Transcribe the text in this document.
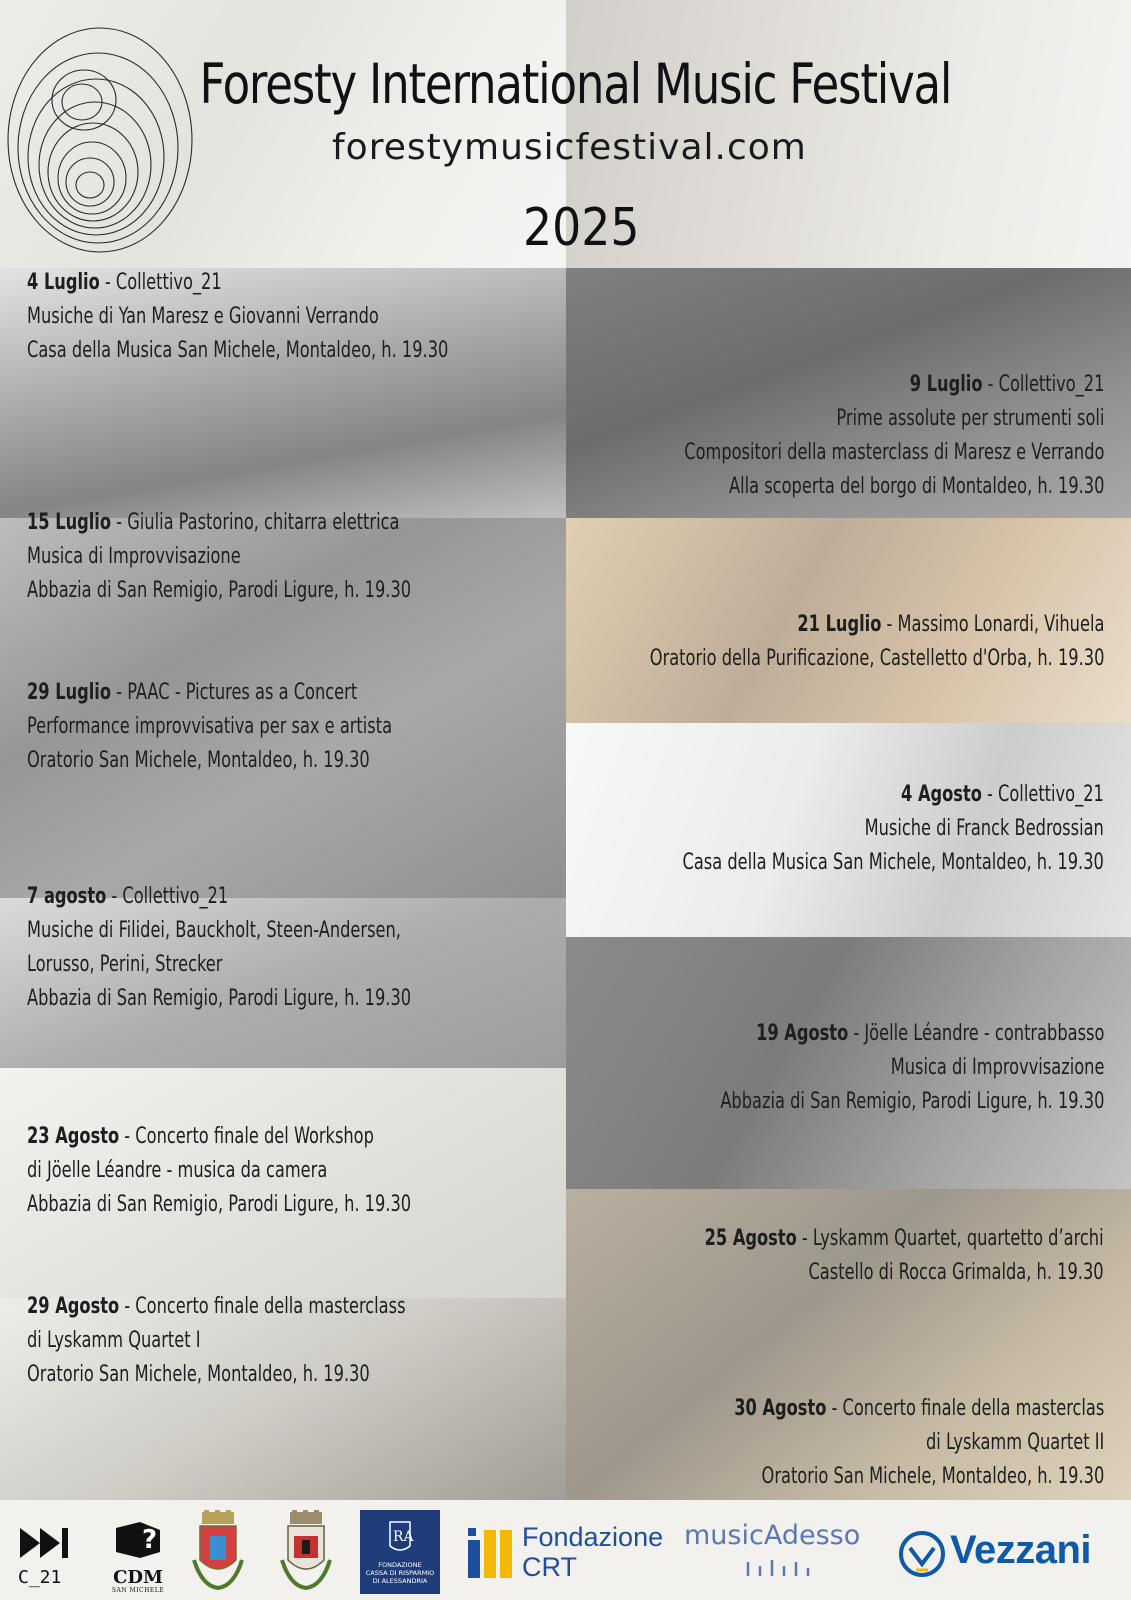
Foresty International Music Festival
forestymusicfestival.com
2025
4 Luglio - Collettivo_21
Musiche di Yan Maresz e Giovanni Verrando
Casa della Musica San Michele, Montaldeo, h. 19.30
9 Luglio - Collettivo_21
Prime assolute per strumenti soli
Compositori della masterclass di Maresz e Verrando
Alla scoperta del borgo di Montaldeo, h. 19.30
15 Luglio - Giulia Pastorino, chitarra elettrica
Musica di Improvvisazione
Abbazia di San Remigio, Parodi Ligure, h. 19.30
21 Luglio - Massimo Lonardi, Vihuela
Oratorio della Purificazione, Castelletto d'Orba, h. 19.30
29 Luglio - PAAC - Pictures as a Concert
Performance improvvisativa per sax e artista
Oratorio San Michele, Montaldeo, h. 19.30
4 Agosto - Collettivo_21
Musiche di Franck Bedrossian
Casa della Musica San Michele, Montaldeo, h. 19.30
7 agosto - Collettivo_21
Musiche di Filidei, Bauckholt, Steen-Andersen,
Lorusso, Perini, Strecker
Abbazia di San Remigio, Parodi Ligure, h. 19.30
19 Agosto - Jöelle Léandre - contrabbasso
Musica di Improvvisazione
Abbazia di San Remigio, Parodi Ligure, h. 19.30
23 Agosto - Concerto finale del Workshop
di Jöelle Léandre - musica da camera
Abbazia di San Remigio, Parodi Ligure, h. 19.30
25 Agosto - Lyskamm Quartet, quartetto d’archi
Castello di Rocca Grimalda, h. 19.30
29 Agosto - Concerto finale della masterclass
di Lyskamm Quartet I
Oratorio San Michele, Montaldeo, h. 19.30
30 Agosto - Concerto finale della masterclas
di Lyskamm Quartet II
Oratorio San Michele, Montaldeo, h. 19.30
C_21
?
CDM
SAN MICHELE
RA
FONDAZIONE
CASSA DI RISPARMIO
DI ALESSANDRIA
Fondazione
CRT
musicAdesso	Vezzani
